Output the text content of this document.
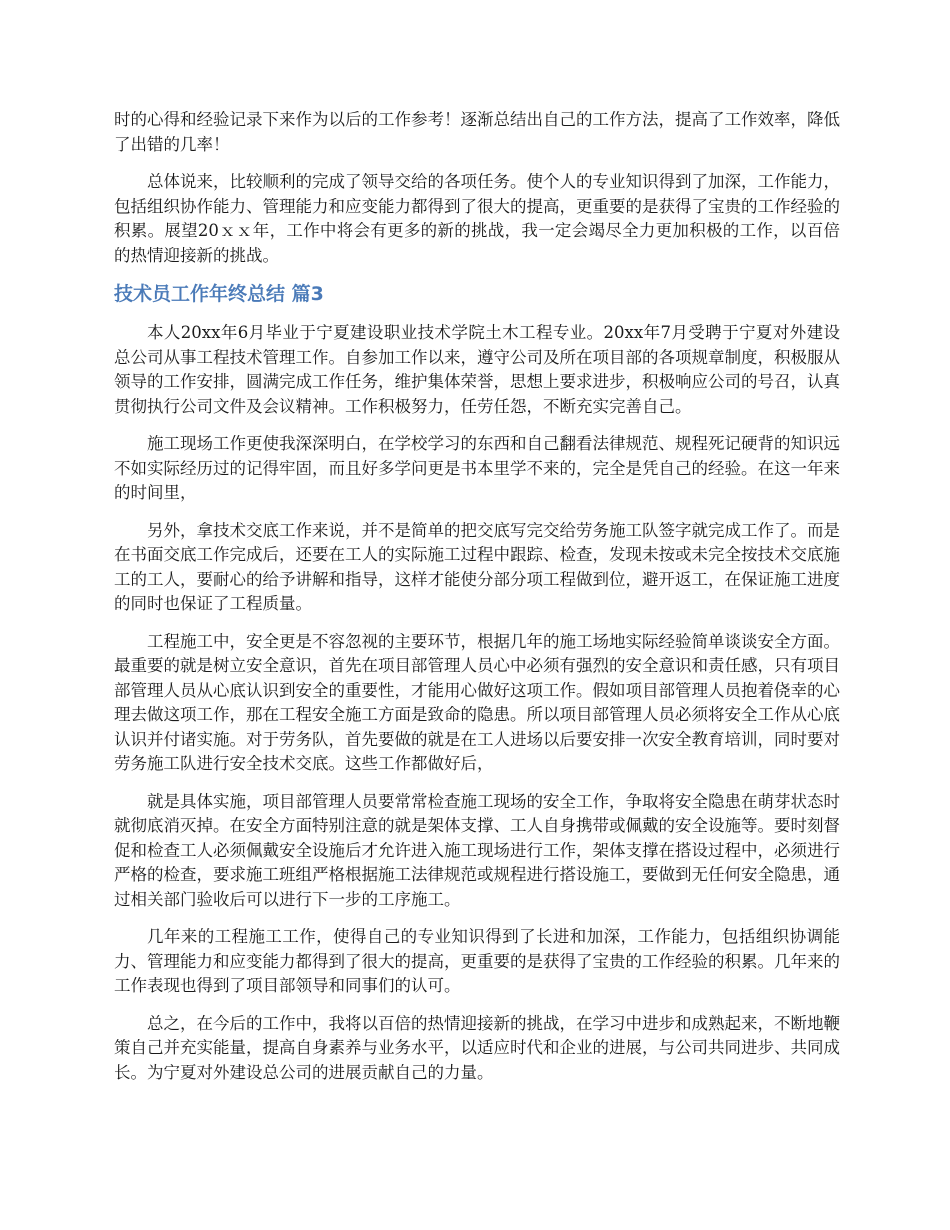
时的心得和经验记录下来作为以后的工作参考！逐渐总结出自己的工作方法，提高了工作效率，降低了出错的几率！

总体说来，比较顺利的完成了领导交给的各项任务。使个人的专业知识得到了加深，工作能力，包括组织协作能力、管理能力和应变能力都得到了很大的提高，更重要的是获得了宝贵的工作经验的积累。展望20ｘｘ年，工作中将会有更多的新的挑战，我一定会竭尽全力更加积极的工作，以百倍的热情迎接新的挑战。

技术员工作年终总结 篇3

本人20xx年6月毕业于宁夏建设职业技术学院土木工程专业。20xx年7月受聘于宁夏对外建设总公司从事工程技术管理工作。自参加工作以来，遵守公司及所在项目部的各项规章制度，积极服从领导的工作安排，圆满完成工作任务，维护集体荣誉，思想上要求进步，积极响应公司的号召，认真贯彻执行公司文件及会议精神。工作积极努力，任劳任怨，不断充实完善自己。

施工现场工作更使我深深明白，在学校学习的东西和自己翻看法律规范、规程死记硬背的知识远不如实际经历过的记得牢固，而且好多学问更是书本里学不来的，完全是凭自己的经验。在这一年来的时间里，

另外，拿技术交底工作来说，并不是简单的把交底写完交给劳务施工队签字就完成工作了。而是在书面交底工作完成后，还要在工人的实际施工过程中跟踪、检查，发现未按或未完全按技术交底施工的工人，要耐心的给予讲解和指导，这样才能使分部分项工程做到位，避开返工，在保证施工进度的同时也保证了工程质量。

工程施工中，安全更是不容忽视的主要环节，根据几年的施工场地实际经验简单谈谈安全方面。最重要的就是树立安全意识，首先在项目部管理人员心中必须有强烈的安全意识和责任感，只有项目部管理人员从心底认识到安全的重要性，才能用心做好这项工作。假如项目部管理人员抱着侥幸的心理去做这项工作，那在工程安全施工方面是致命的隐患。所以项目部管理人员必须将安全工作从心底认识并付诸实施。对于劳务队，首先要做的就是在工人进场以后要安排一次安全教育培训，同时要对劳务施工队进行安全技术交底。这些工作都做好后，

就是具体实施，项目部管理人员要常常检查施工现场的安全工作，争取将安全隐患在萌芽状态时就彻底消灭掉。在安全方面特别注意的就是架体支撑、工人自身携带或佩戴的安全设施等。要时刻督促和检查工人必须佩戴安全设施后才允许进入施工现场进行工作，架体支撑在搭设过程中，必须进行严格的检查，要求施工班组严格根据施工法律规范或规程进行搭设施工，要做到无任何安全隐患，通过相关部门验收后可以进行下一步的工序施工。

几年来的工程施工工作，使得自己的专业知识得到了长进和加深，工作能力，包括组织协调能力、管理能力和应变能力都得到了很大的提高，更重要的是获得了宝贵的工作经验的积累。几年来的工作表现也得到了项目部领导和同事们的认可。

总之，在今后的工作中，我将以百倍的热情迎接新的挑战，在学习中进步和成熟起来，不断地鞭策自己并充实能量，提高自身素养与业务水平，以适应时代和企业的进展，与公司共同进步、共同成长。为宁夏对外建设总公司的进展贡献自己的力量。
